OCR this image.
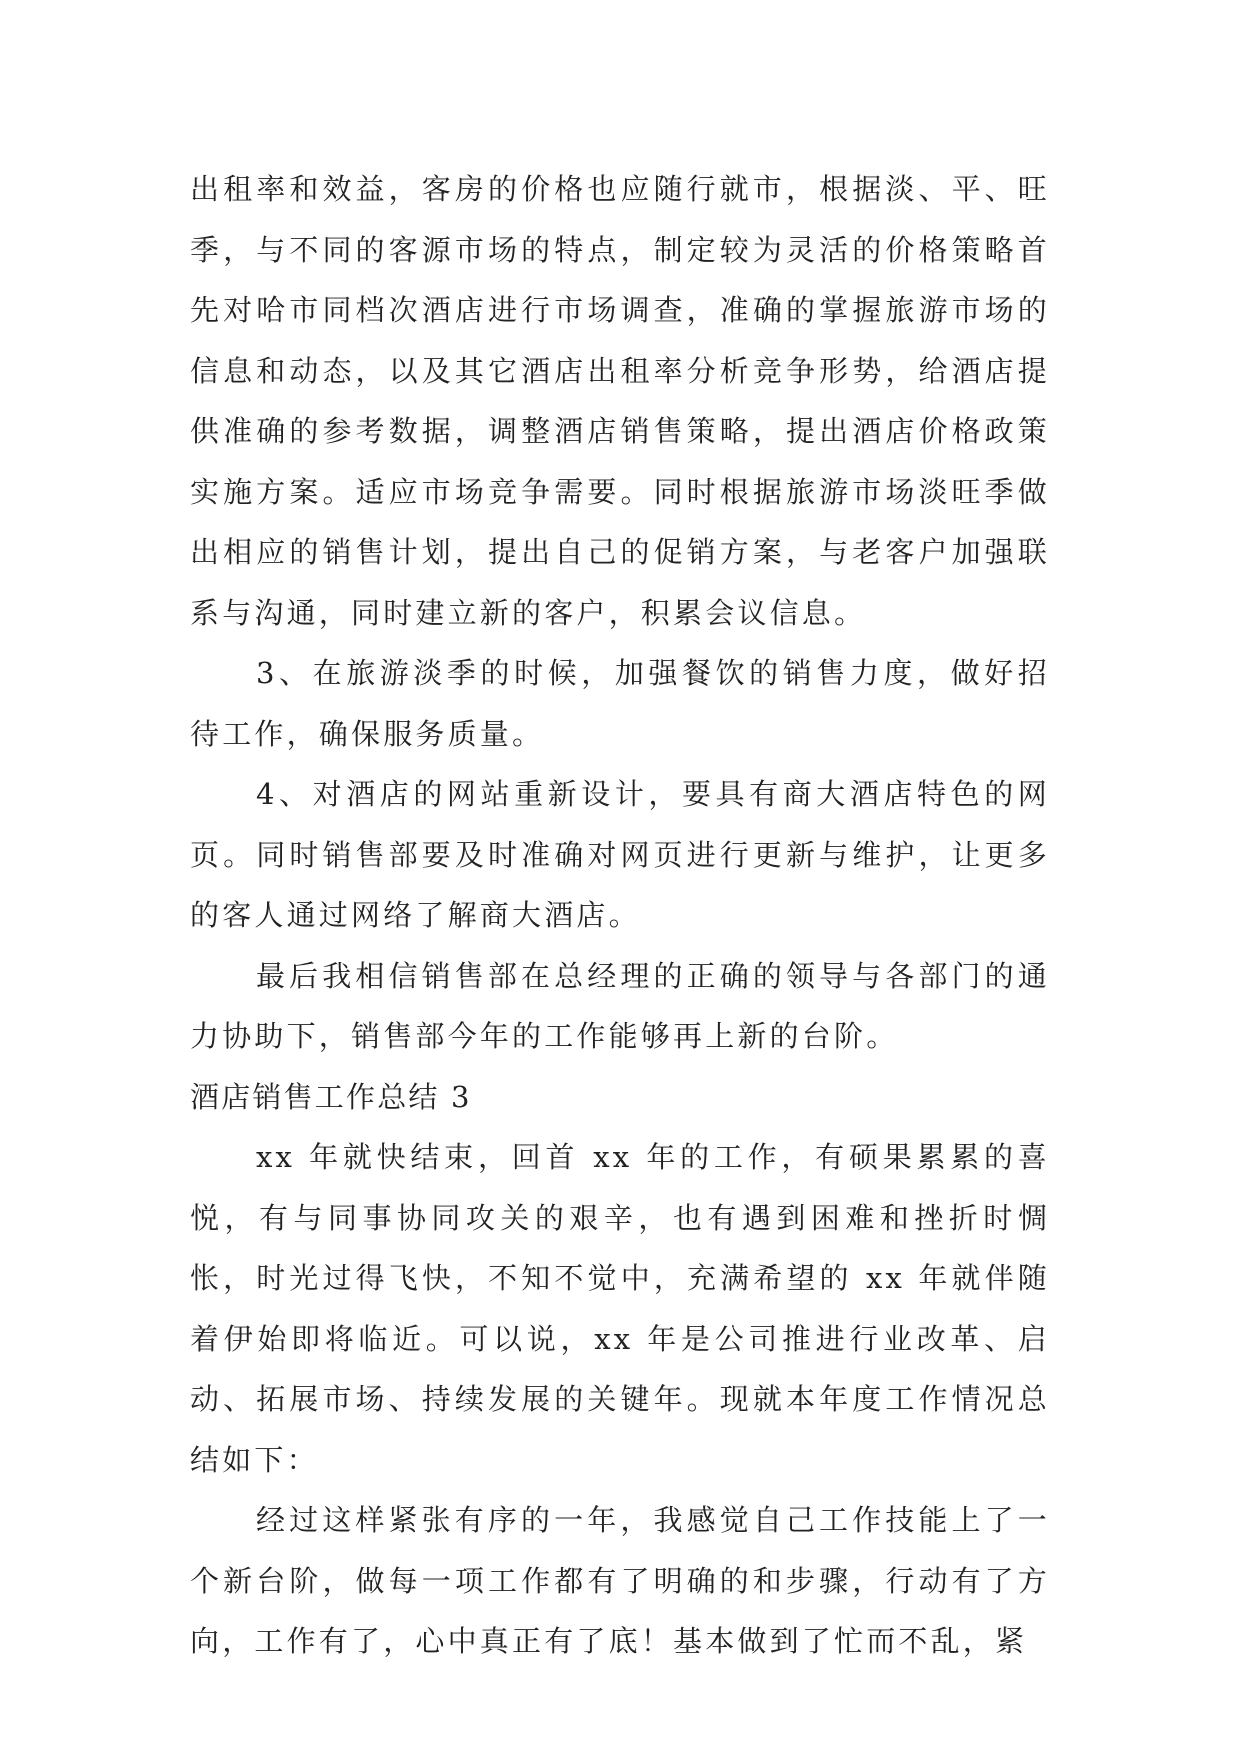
出租率和效益，客房的价格也应随行就市，根据淡、平、旺季，与不同的客源市场的特点，制定较为灵活的价格策略首先对哈市同档次酒店进行市场调查，准确的掌握旅游市场的信息和动态，以及其它酒店出租率分析竞争形势，给酒店提供准确的参考数据，调整酒店销售策略，提出酒店价格政策实施方案。适应市场竞争需要。同时根据旅游市场淡旺季做出相应的销售计划，提出自己的促销方案，与老客户加强联系与沟通，同时建立新的客户，积累会议信息。

3、在旅游淡季的时候，加强餐饮的销售力度，做好招待工作，确保服务质量。

4、对酒店的网站重新设计，要具有商大酒店特色的网页。同时销售部要及时准确对网页进行更新与维护，让更多的客人通过网络了解商大酒店。

最后我相信销售部在总经理的正确的领导与各部门的通力协助下，销售部今年的工作能够再上新的台阶。

酒店销售工作总结 3

xx 年就快结束，回首 xx 年的工作，有硕果累累的喜悦，有与同事协同攻关的艰辛，也有遇到困难和挫折时惆怅，时光过得飞快，不知不觉中，充满希望的 xx 年就伴随着伊始即将临近。可以说，xx 年是公司推进行业改革、启动、拓展市场、持续发展的关键年。现就本年度工作情况总结如下：

经过这样紧张有序的一年，我感觉自己工作技能上了一个新台阶，做每一项工作都有了明确的和步骤，行动有了方向，工作有了，心中真正有了底！基本做到了忙而不乱，紧
